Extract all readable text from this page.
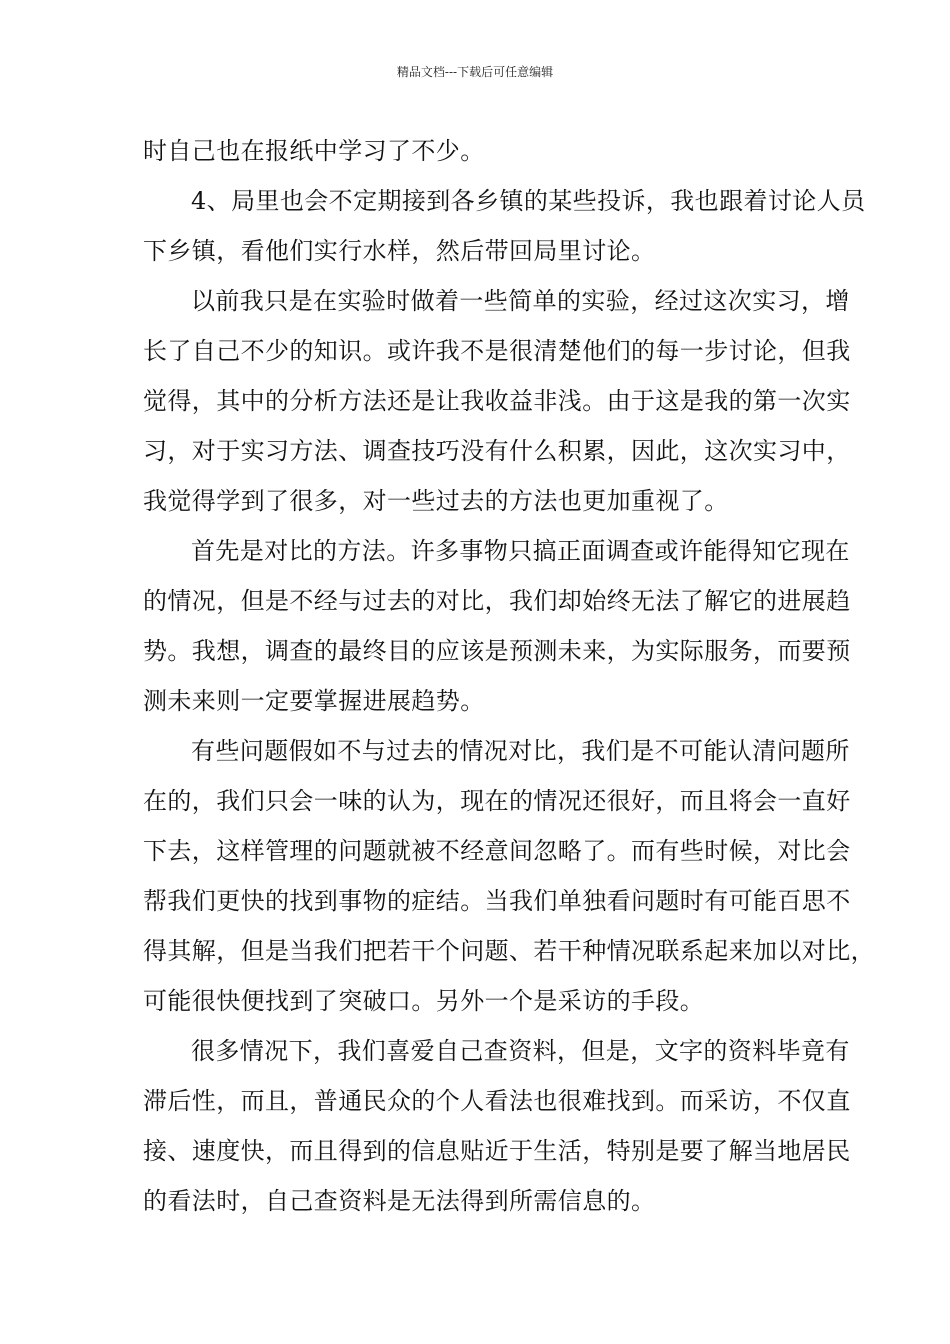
精品文档---下载后可任意编辑
时自己也在报纸中学习了不少。
4、局里也会不定期接到各乡镇的某些投诉，我也跟着讨论人员
下乡镇，看他们实行水样，然后带回局里讨论。
以前我只是在实验时做着一些简单的实验，经过这次实习，增
长了自己不少的知识。或许我不是很清楚他们的每一步讨论，但我
觉得，其中的分析方法还是让我收益非浅。由于这是我的第一次实
习，对于实习方法、调查技巧没有什么积累，因此，这次实习中，
我觉得学到了很多，对一些过去的方法也更加重视了。
首先是对比的方法。许多事物只搞正面调查或许能得知它现在
的情况，但是不经与过去的对比，我们却始终无法了解它的进展趋
势。我想，调查的最终目的应该是预测未来，为实际服务，而要预
测未来则一定要掌握进展趋势。
有些问题假如不与过去的情况对比，我们是不可能认清问题所
在的，我们只会一味的认为，现在的情况还很好，而且将会一直好
下去，这样管理的问题就被不经意间忽略了。而有些时候，对比会
帮我们更快的找到事物的症结。当我们单独看问题时有可能百思不
得其解，但是当我们把若干个问题、若干种情况联系起来加以对比，
可能很快便找到了突破口。另外一个是采访的手段。
很多情况下，我们喜爱自己查资料，但是，文字的资料毕竟有
滞后性，而且，普通民众的个人看法也很难找到。而采访，不仅直
接、速度快，而且得到的信息贴近于生活，特别是要了解当地居民
的看法时，自己查资料是无法得到所需信息的。
